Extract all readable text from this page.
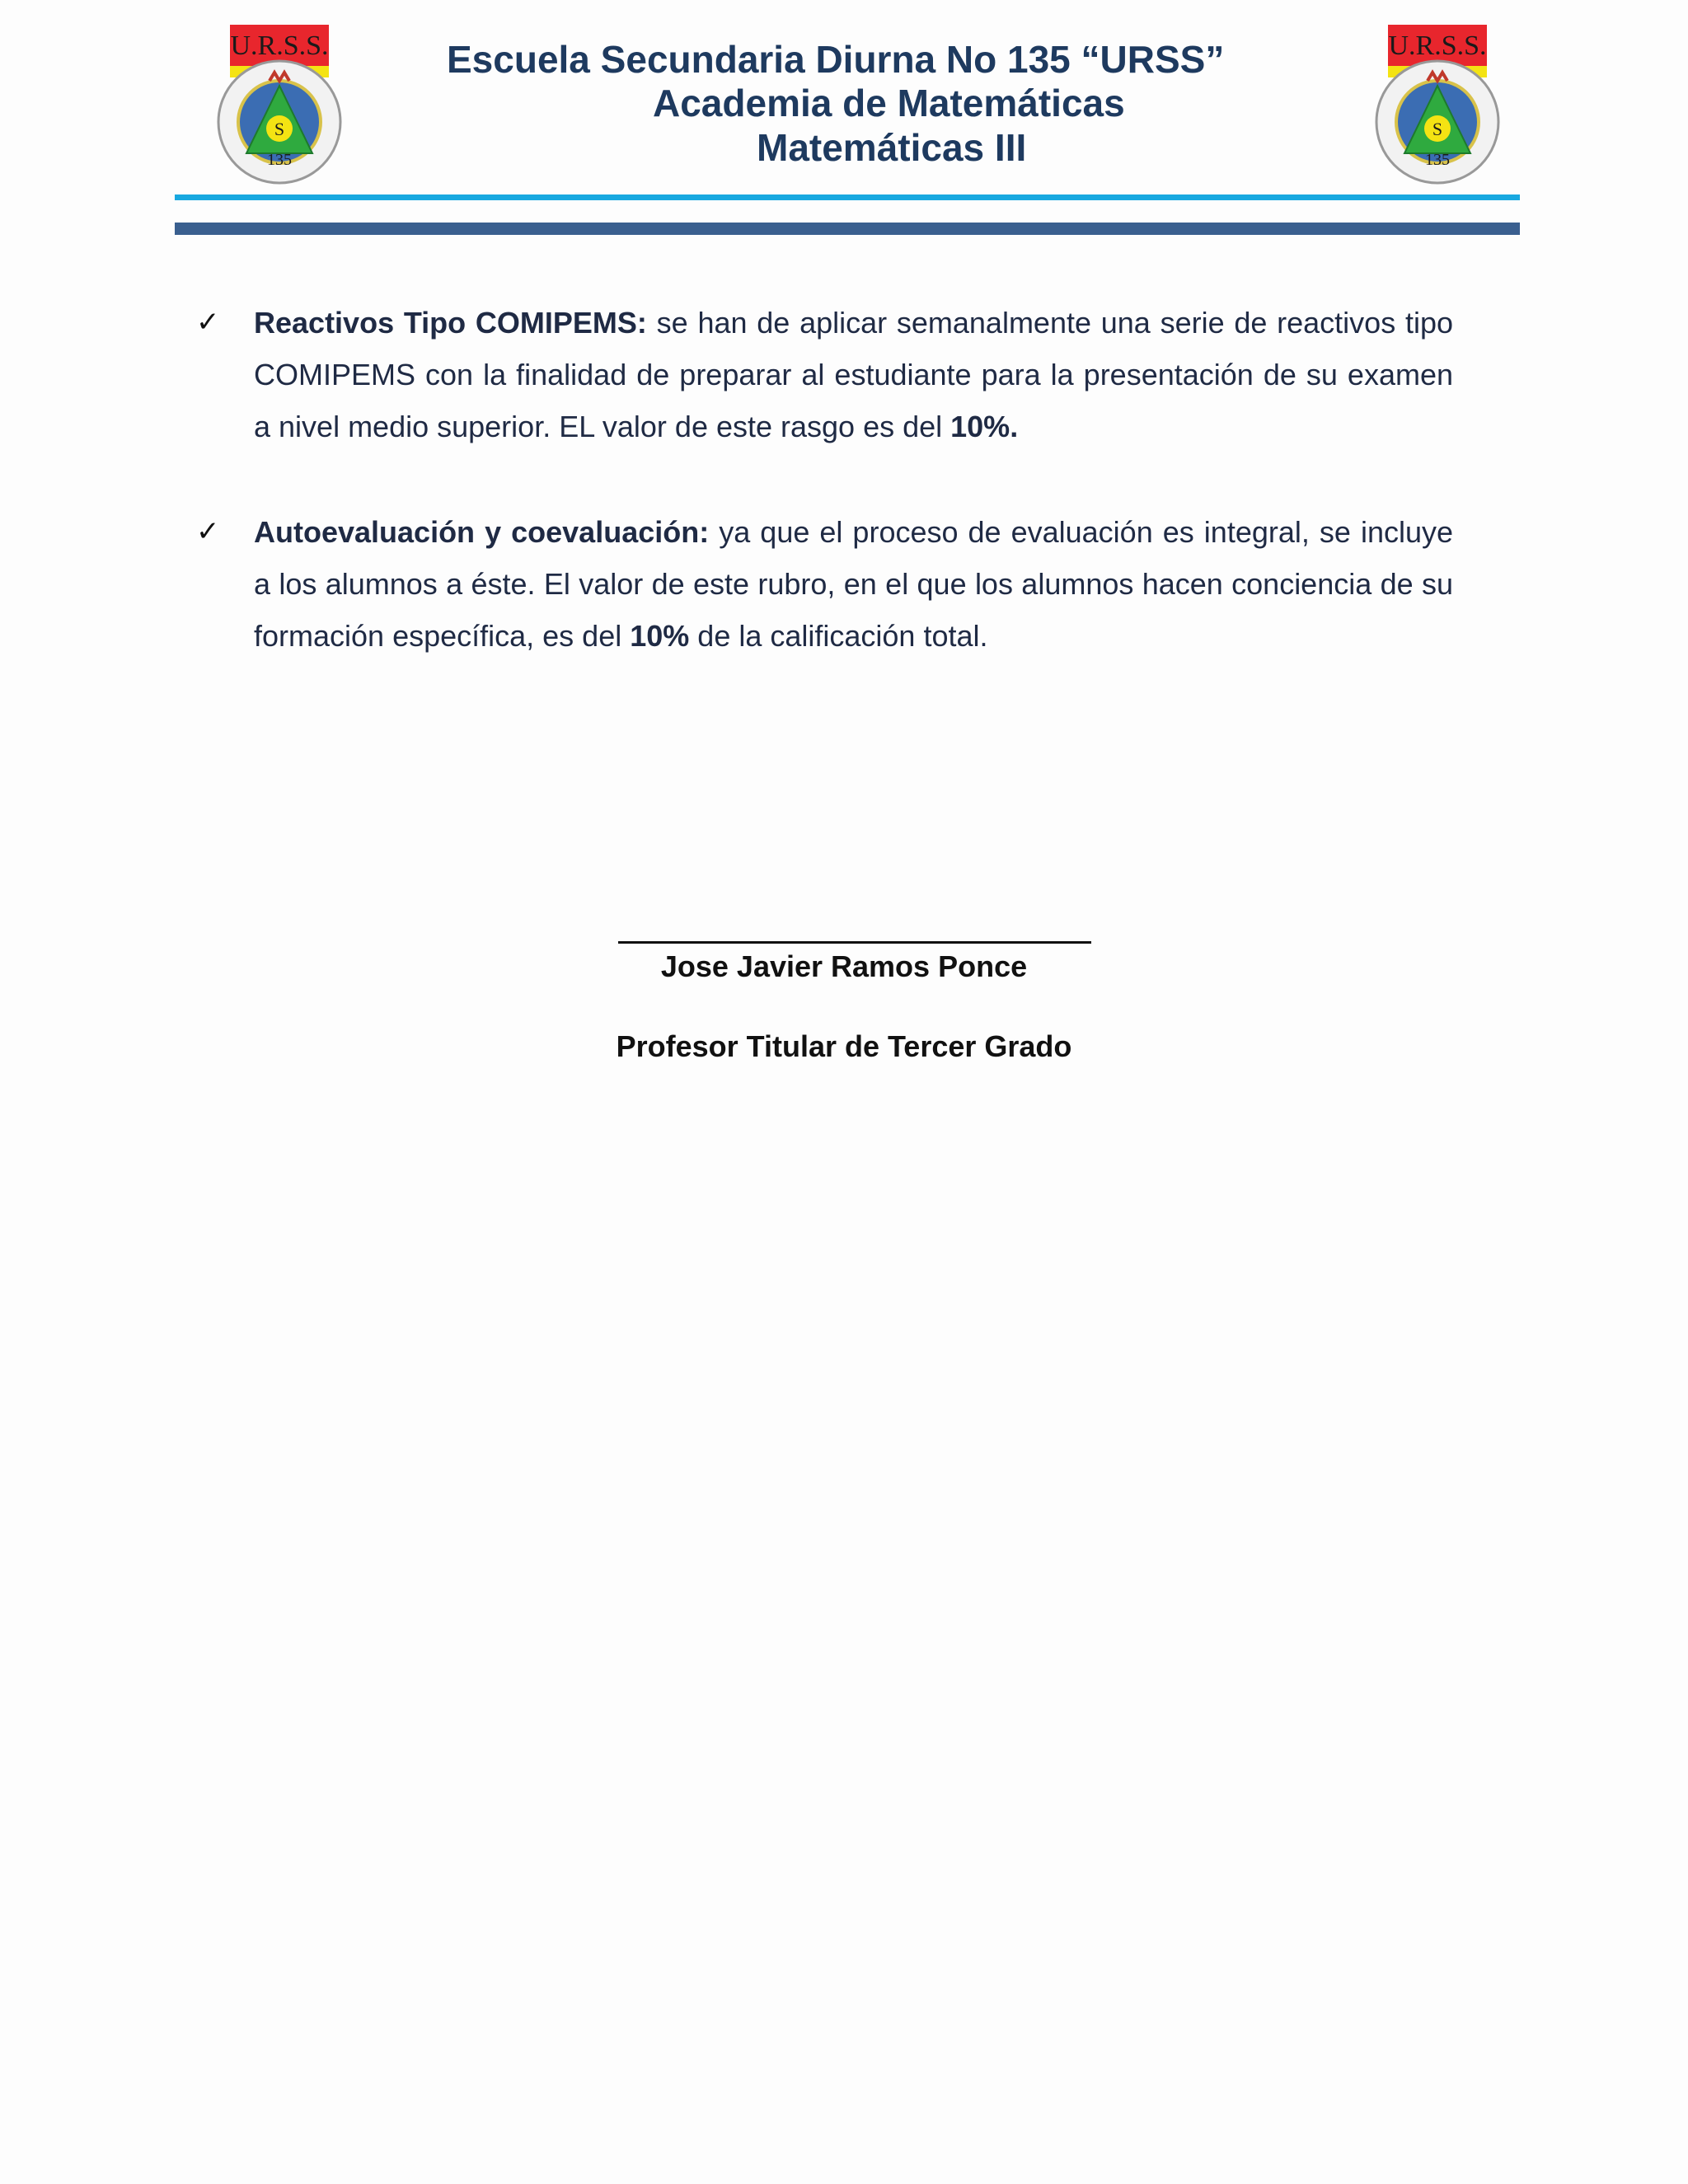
U.R.S.S.
S
135
Escuela Secundaria Diurna No 135 “URSS”
Academia de Matemáticas
Matemáticas III
U.R.S.S.
S
135
✓ Reactivos Tipo COMIPEMS: se han de aplicar semanalmente una serie de reactivos tipo COMIPEMS con la finalidad de preparar al estudiante para la presentación de su examen a nivel medio superior. EL valor de este rasgo es del 10%.
✓ Autoevaluación y coevaluación: ya que el proceso de evaluación es integral, se incluye a los alumnos a éste. El valor de este rubro, en el que los alumnos hacen conciencia de su formación específica, es del 10% de la calificación total.
Jose Javier Ramos Ponce
Profesor Titular de Tercer Grado
